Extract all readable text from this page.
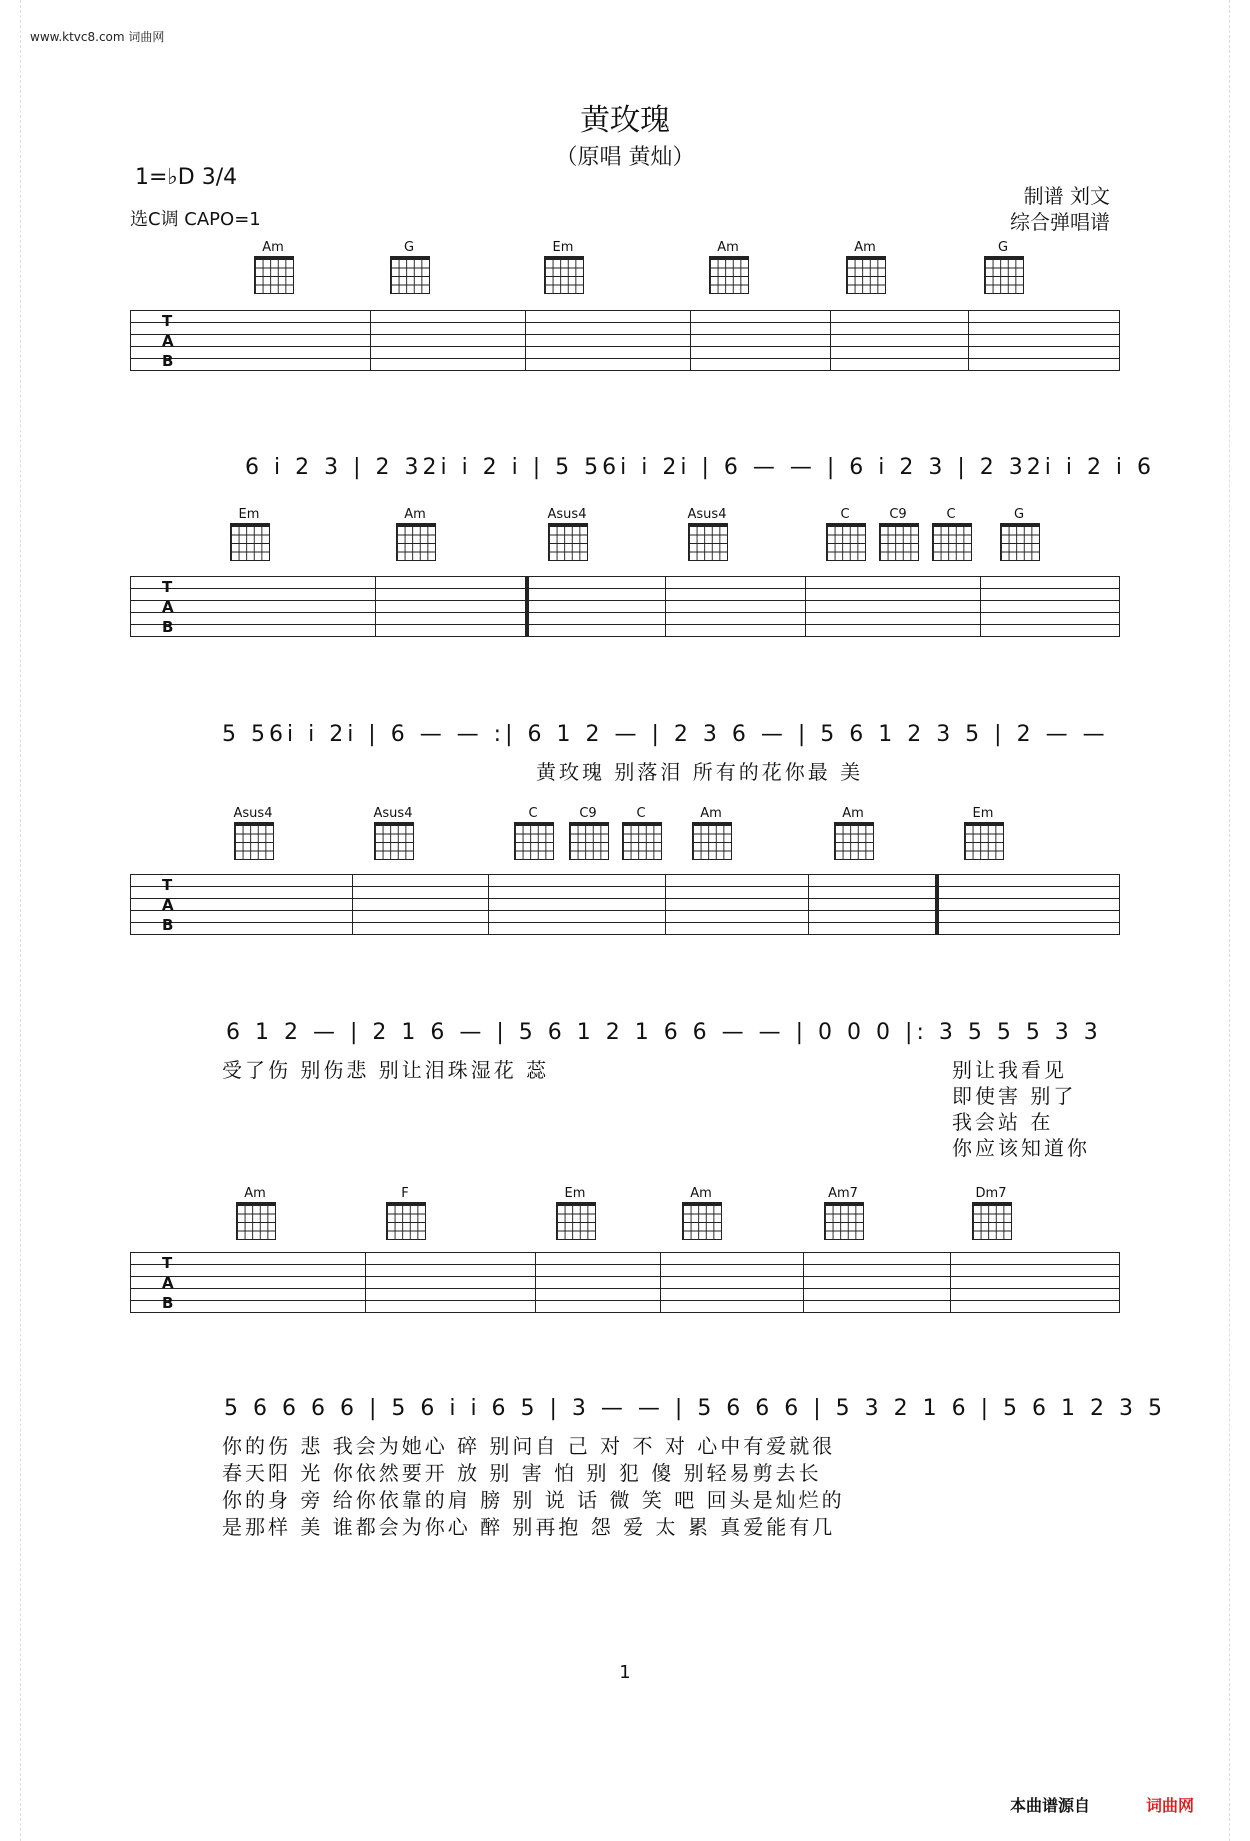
www.ktvc8.com 词曲网
黄玫瑰
（原唱 黄灿）
1=♭D 3/4
选C调 CAPO=1
制谱 刘文
综合弹唱谱
Am	G	Em	Am	Am	G
T
A
B
6 i 2 3 | 2 32i i 2 i | 5 56i i 2i | 6 — — | 6 i 2 3 | 2 32i i 2 i 6
Em	Am	Asus4	Asus4	C	C9	C	G
T
A
B
5 56i i 2i | 6 — — :| 6 1 2 — | 2 3 6 — | 5 6 1 2 3 5 | 2 — —
黄玫瑰 别落泪 所有的花你最 美
Asus4	Asus4	C	C9	C	Am	Am	Em
T
A
B
6 1 2 — | 2 1 6 — | 5 6 1 2 1 6 6 — — | 0 0 0 |: 3 5 5 5 3 3
受了伤 别伤悲 别让泪珠湿花 蕊	别让我看见
即使害 别了
我会站 在
你应该知道你
Am	F	Em	Am	Am7	Dm7
T
A
B
5 6 6 6 6 | 5 6 i i 6 5 | 3 — — | 5 6 6 6 | 5 3 2 1 6 | 5 6 1 2 3 5
你的伤 悲 我会为她心 碎 别问自 己 对 不 对 心中有爱就很
春天阳 光 你依然要开 放 别 害 怕 别 犯 傻 别轻易剪去长
你的身 旁 给你依靠的肩 膀 别 说 话 微 笑 吧 回头是灿烂的
是那样 美 谁都会为你心 醉 别再抱 怨 爱 太 累 真爱能有几
1
本曲谱源自	词曲网
